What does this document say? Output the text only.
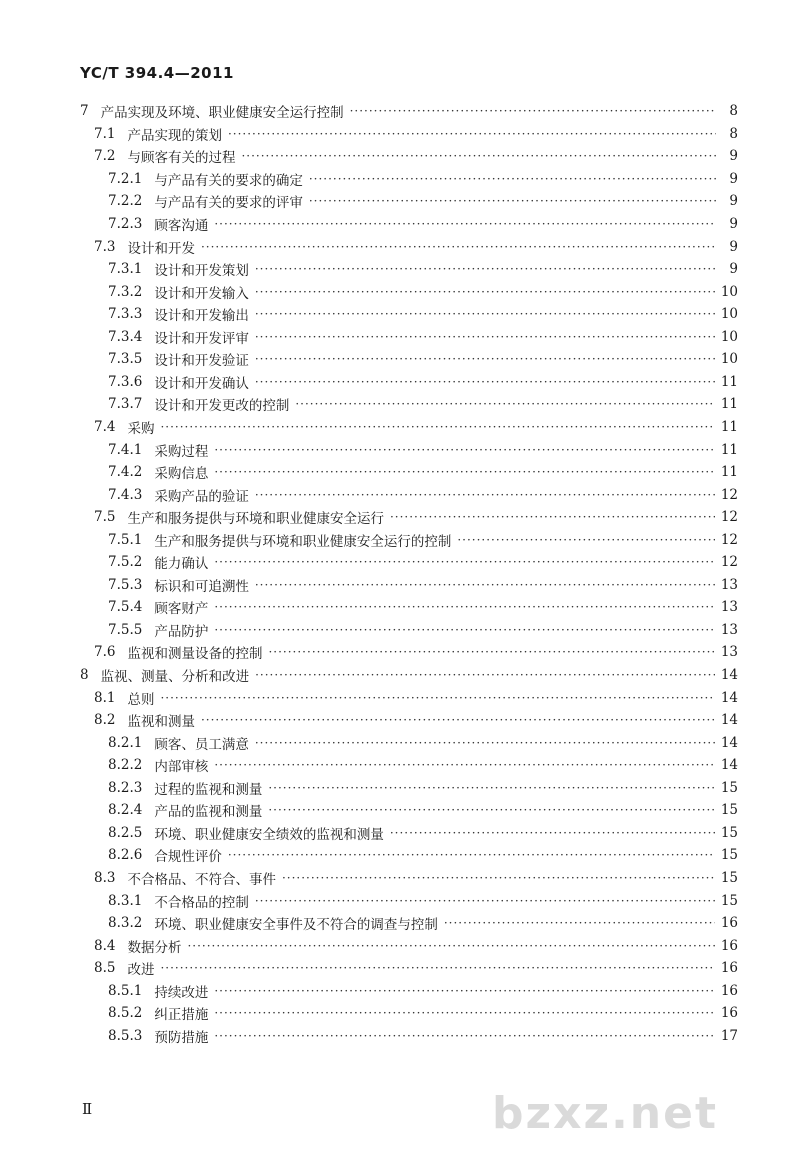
YC/T 394.4—2011
7 产品实现及环境、职业健康安全运行控制 ·····	8
7.1 产品实现的策划 ·····	8
7.2 与顾客有关的过程 ·····	9
7.2.1 与产品有关的要求的确定 ·····	9
7.2.2 与产品有关的要求的评审 ·····	9
7.2.3 顾客沟通 ·····	9
7.3 设计和开发 ·····	9
7.3.1 设计和开发策划 ·····	9
7.3.2 设计和开发输入 ·····	10
7.3.3 设计和开发输出 ·····	10
7.3.4 设计和开发评审 ·····	10
7.3.5 设计和开发验证 ·····	10
7.3.6 设计和开发确认 ·····	11
7.3.7 设计和开发更改的控制 ·····	11
7.4 采购 ·····	11
7.4.1 采购过程 ·····	11
7.4.2 采购信息 ·····	11
7.4.3 采购产品的验证 ·····	12
7.5 生产和服务提供与环境和职业健康安全运行 ·····	12
7.5.1 生产和服务提供与环境和职业健康安全运行的控制 ·····	12
7.5.2 能力确认 ·····	12
7.5.3 标识和可追溯性 ·····	13
7.5.4 顾客财产 ·····	13
7.5.5 产品防护 ·····	13
7.6 监视和测量设备的控制 ·····	13
8 监视、测量、分析和改进 ·····	14
8.1 总则 ·····	14
8.2 监视和测量 ·····	14
8.2.1 顾客、员工满意 ·····	14
8.2.2 内部审核 ·····	14
8.2.3 过程的监视和测量 ·····	15
8.2.4 产品的监视和测量 ·····	15
8.2.5 环境、职业健康安全绩效的监视和测量 ·····	15
8.2.6 合规性评价 ·····	15
8.3 不合格品、不符合、事件 ·····	15
8.3.1 不合格品的控制 ·····	15
8.3.2 环境、职业健康安全事件及不符合的调查与控制 ·····	16
8.4 数据分析 ·····	16
8.5 改进 ·····	16
8.5.1 持续改进 ·····	16
8.5.2 纠正措施 ·····	16
8.5.3 预防措施 ·····	17
Ⅱ	bzxz.net
